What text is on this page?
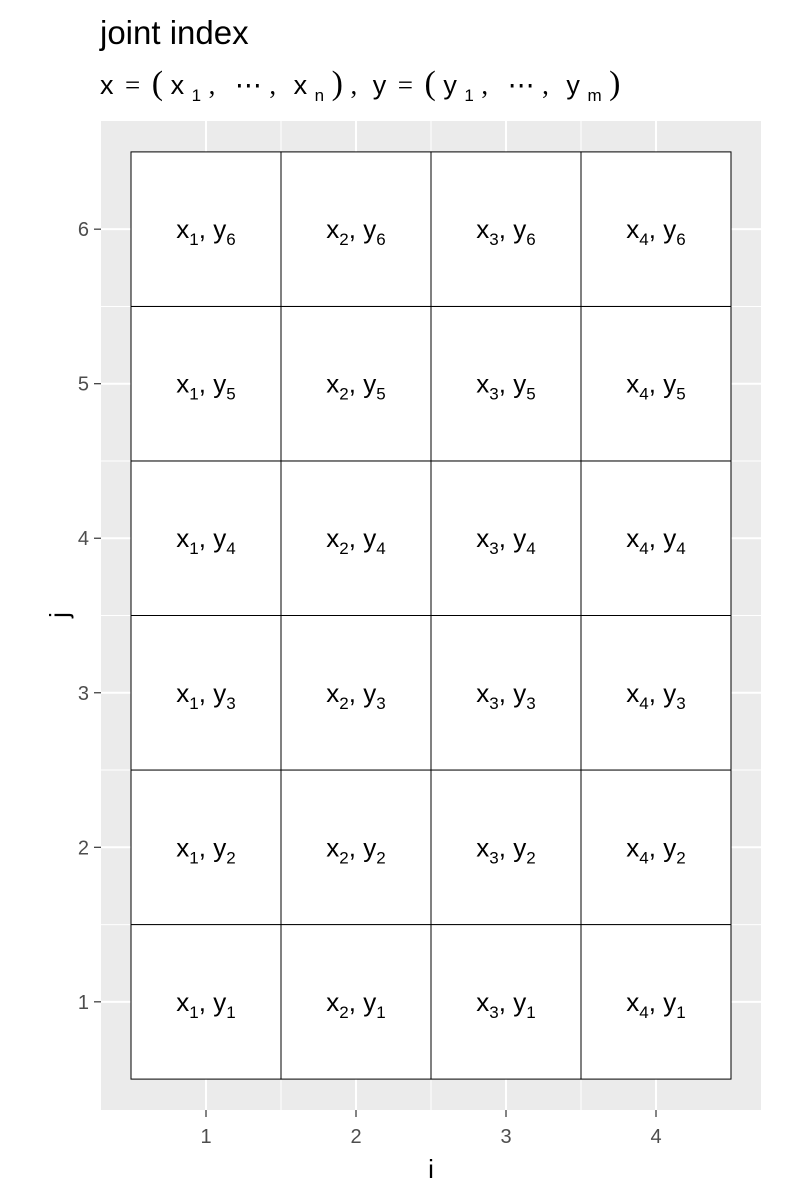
joint index
x = ( x $_1$ , ⋯ , x $_n$ ) , y = ( y $_1$ , ⋯ , y $_m$ )
$x_1$, $y_1$	$x_2$, $y_1$	$x_3$, $y_1$	$x_4$, $y_1$
$x_1$, $y_2$	$x_2$, $y_2$	$x_3$, $y_2$	$x_4$, $y_2$
$x_1$, $y_3$	$x_2$, $y_3$	$x_3$, $y_3$	$x_4$, $y_3$
$x_1$, $y_4$	$x_2$, $y_4$	$x_3$, $y_4$	$x_4$, $y_4$
$x_1$, $y_5$	$x_2$, $y_5$	$x_3$, $y_5$	$x_4$, $y_5$
$x_1$, $y_6$	$x_2$, $y_6$	$x_3$, $y_6$	$x_4$, $y_6$
1	2	3	4
1
2
3
4
5
6
i
j
